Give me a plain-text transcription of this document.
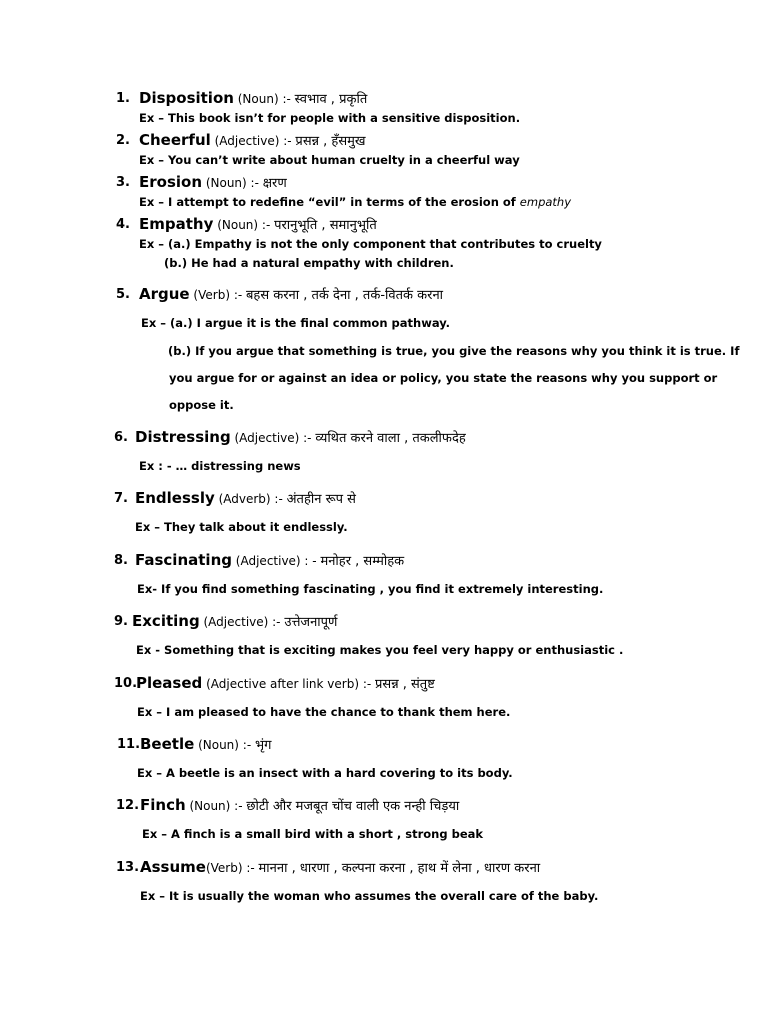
1. Disposition (Noun) :- स्वभाव , प्रकृति
Ex – This book isn’t for people with a sensitive disposition.
2. Cheerful (Adjective) :- प्रसन्न , हँसमुख
Ex – You can’t write about human cruelty in a cheerful way
3. Erosion (Noun) :- क्षरण
Ex – I attempt to redefine “evil” in terms of the erosion of empathy
4. Empathy (Noun) :- परानुभूति , समानुभूति
Ex – (a.) Empathy is not the only component that contributes to cruelty
(b.) He had a natural empathy with children.
5. Argue (Verb) :- बहस करना , तर्क देना , तर्क-वितर्क करना
Ex – (a.) I argue it is the final common pathway.
(b.) If you argue that something is true, you give the reasons why you think it is true. If
you argue for or against an idea or policy, you state the reasons why you support or
oppose it.
6. Distressing (Adjective) :- व्यथित करने वाला , तकलीफदेह
Ex : - … distressing news
7. Endlessly (Adverb) :- अंतहीन रूप से
Ex – They talk about it endlessly.
8. Fascinating (Adjective) : - मनोहर , सम्मोहक
Ex- If you find something fascinating , you find it extremely interesting.
9. Exciting (Adjective) :- उत्तेजनापूर्ण
Ex - Something that is exciting makes you feel very happy or enthusiastic .
10.
Pleased (Adjective after link verb) :- प्रसन्न , संतुष्ट
Ex – I am pleased to have the chance to thank them here.
11. Beetle (Noun) :- भृंग
Ex – A beetle is an insect with a hard covering to its body.
12. Finch (Noun) :- छोटी और मजबूत चोंच वाली एक नन्ही चिड़या
Ex – A finch is a small bird with a short , strong beak
13. Assume(Verb) :- मानना , धारणा , कल्पना करना , हाथ में लेना , धारण करना
Ex – It is usually the woman who assumes the overall care of the baby.
